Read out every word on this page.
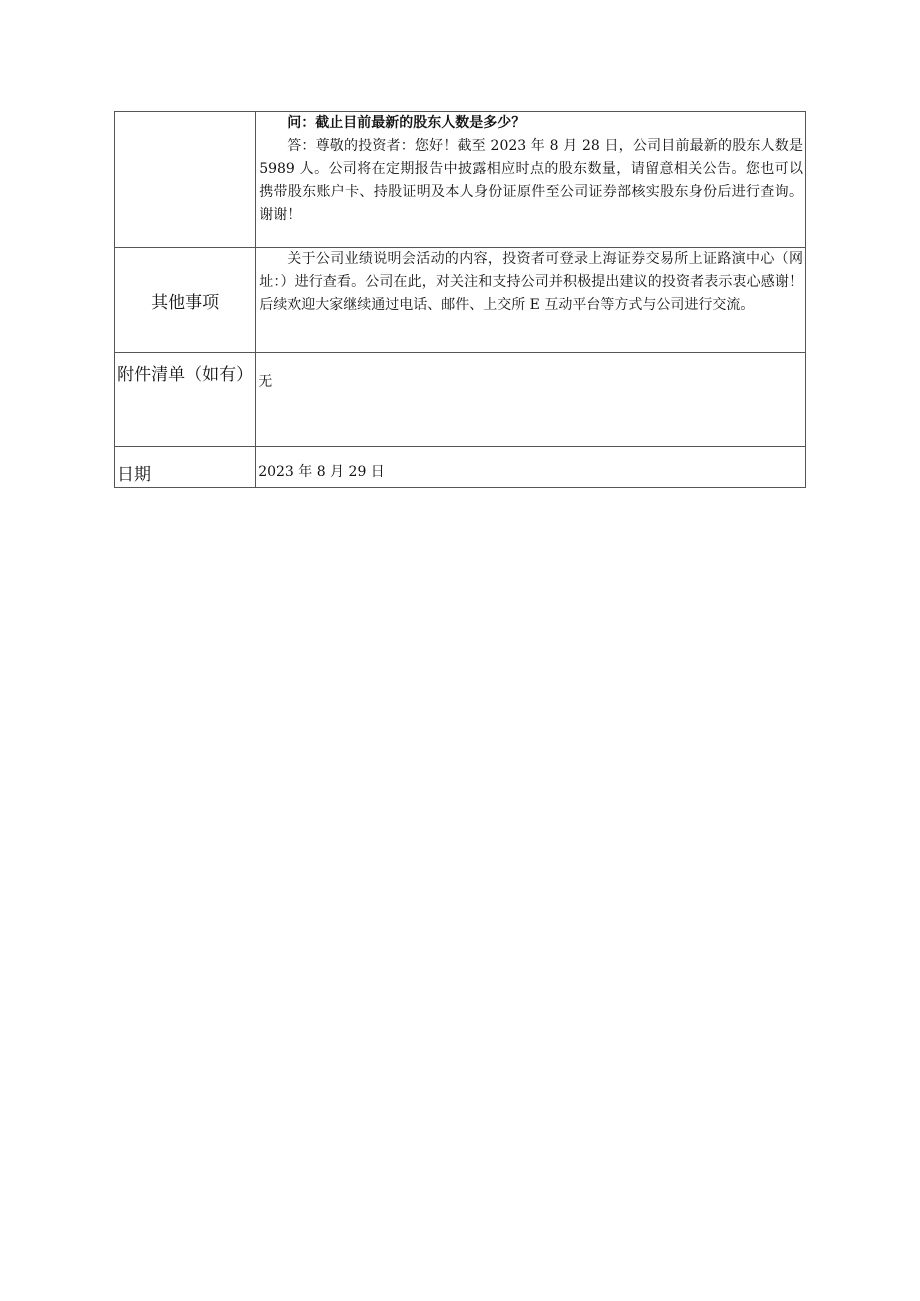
	问：截止目前最新的股东人数是多少？

答：尊敬的投资者：您好！截至 2023 年 8 月 28 日，公司目前最新的股东人数是 5989 人。公司将在定期报告中披露相应时点的股东数量，请留意相关公告。您也可以携带股东账户卡、持股证明及本人身份证原件至公司证券部核实股东身份后进行查询。谢谢！

其他事项	关于公司业绩说明会活动的内容，投资者可登录上海证券交易所上证路演中心（网址：）进行查看。公司在此，对关注和支持公司并积极提出建议的投资者表示衷心感谢！后续欢迎大家继续通过电话、邮件、上交所 E 互动平台等方式与公司进行交流。

附件清单（如有）	无
日期	2023 年 8 月 29 日
